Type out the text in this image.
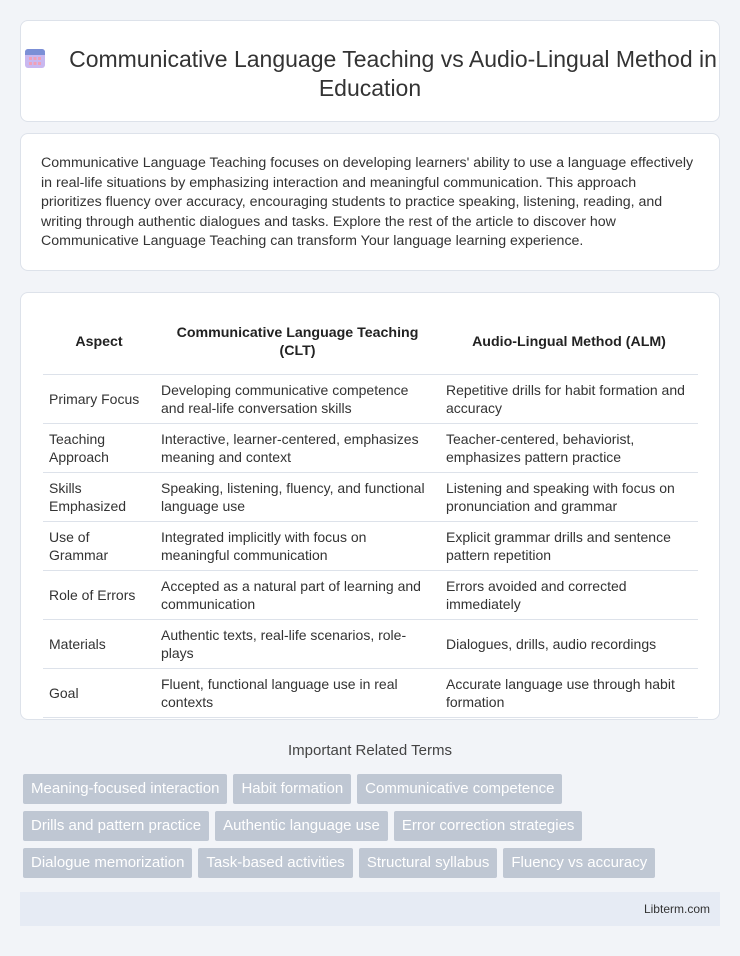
Communicative Language Teaching vs Audio-Lingual Method in Education

Communicative Language Teaching focuses on developing learners' ability to use a language effectively in real-life situations by emphasizing interaction and meaningful communication. This approach prioritizes fluency over accuracy, encouraging students to practice speaking, listening, reading, and writing through authentic dialogues and tasks. Explore the rest of the article to discover how Communicative Language Teaching can transform Your language learning experience.

Aspect	Communicative Language Teaching (CLT)	Audio-Lingual Method (ALM)
Primary Focus	Developing communicative competence and real-life conversation skills	Repetitive drills for habit formation and accuracy
Teaching Approach	Interactive, learner-centered, emphasizes meaning and context	Teacher-centered, behaviorist, emphasizes pattern practice
Skills Emphasized	Speaking, listening, fluency, and functional language use	Listening and speaking with focus on pronunciation and grammar
Use of Grammar	Integrated implicitly with focus on meaningful communication	Explicit grammar drills and sentence pattern repetition
Role of Errors	Accepted as a natural part of learning and communication	Errors avoided and corrected immediately
Materials	Authentic texts, real-life scenarios, role-plays	Dialogues, drills, audio recordings
Goal	Fluent, functional language use in real contexts	Accurate language use through habit formation
Important Related Terms
Meaning-focused interaction	Habit formation	Communicative competence
Drills and pattern practice	Authentic language use	Error correction strategies
Dialogue memorization	Task-based activities	Structural syllabus	Fluency vs accuracy
Libterm.com
